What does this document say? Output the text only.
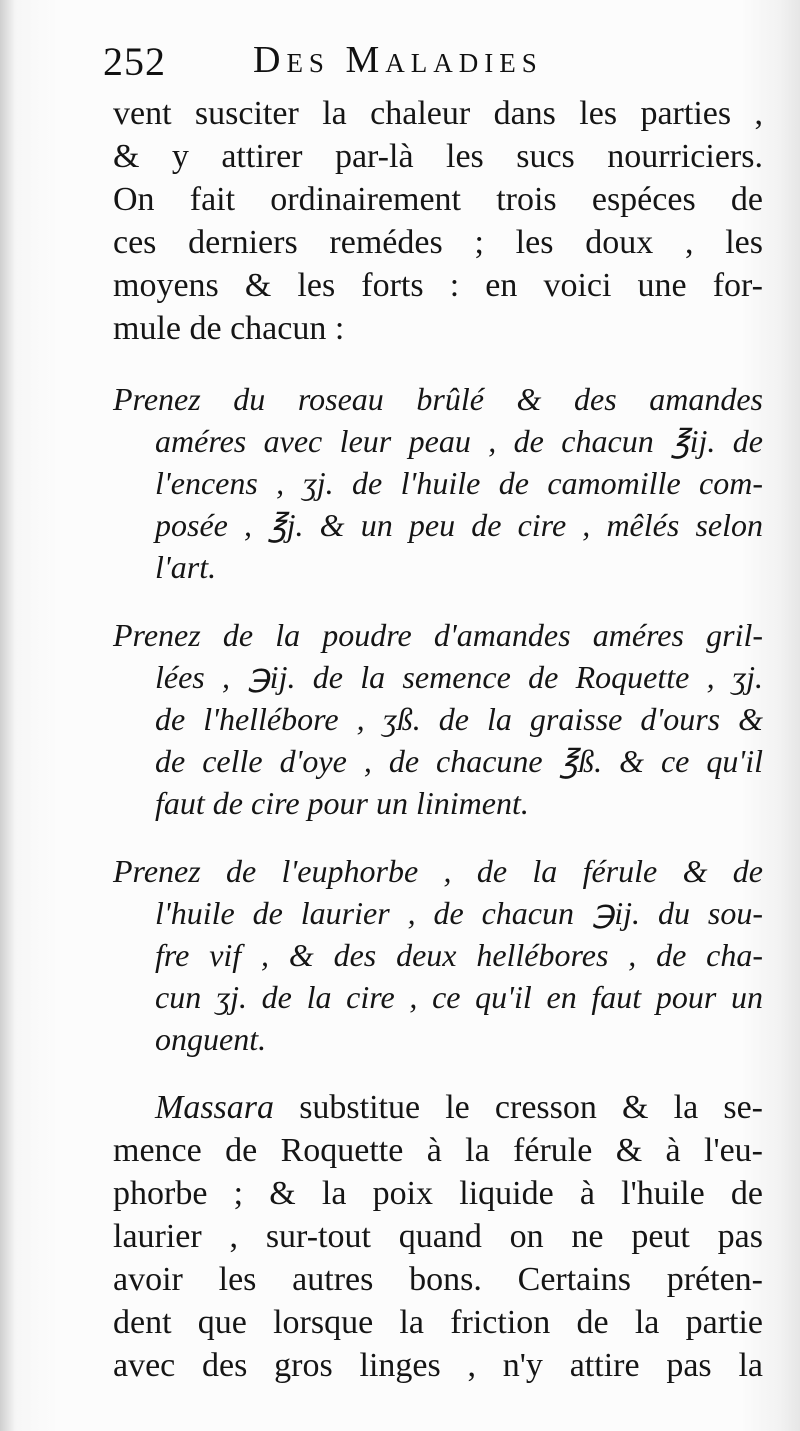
252 Des Maladies
vent susciter la chaleur dans les parties ,
& y attirer par-là les sucs nourriciers.
On fait ordinairement trois espéces de
ces derniers remédes ; les doux , les
moyens & les forts : en voici une for-
mule de chacun :
Prenez du roseau brûlé & des amandes
améres avec leur peau , de chacun ℥ij. de
l'encens , ʒj. de l'huile de camomille com-
posée , ℥j. & un peu de cire , mêlés selon
l'art.
Prenez de la poudre d'amandes améres gril-
lées , ℈ij. de la semence de Roquette , ʒj.
de l'hellébore , ʒß. de la graisse d'ours &
de celle d'oye , de chacune ℥ß. & ce qu'il
faut de cire pour un liniment.
Prenez de l'euphorbe , de la férule & de
l'huile de laurier , de chacun ℈ij. du sou-
fre vif , & des deux hellébores , de cha-
cun ʒj. de la cire , ce qu'il en faut pour un
onguent.
Massara substitue le cresson & la se-
mence de Roquette à la férule & à l'eu-
phorbe ; & la poix liquide à l'huile de
laurier , sur-tout quand on ne peut pas
avoir les autres bons. Certains préten-
dent que lorsque la friction de la partie
avec des gros linges , n'y attire pas la
